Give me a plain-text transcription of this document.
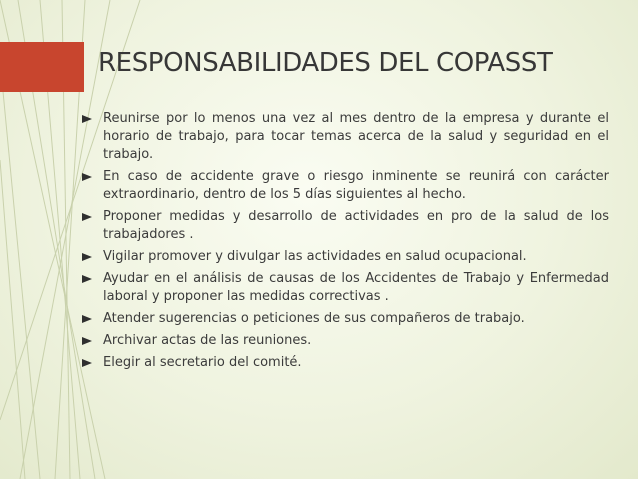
RESPONSABILIDADES DEL COPASST
Reunirse por lo menos una vez al mes dentro de la empresa y durante el horario de trabajo, para tocar temas acerca de la salud y seguridad en el trabajo.
En caso de accidente grave o riesgo inminente se reunirá con carácter extraordinario, dentro de los 5 días siguientes al hecho.
Proponer medidas y desarrollo de actividades en pro de la salud de los trabajadores .
Vigilar promover y divulgar las actividades en salud ocupacional.
Ayudar en el análisis de causas de los Accidentes de Trabajo y Enfermedad laboral y proponer las medidas correctivas .
Atender sugerencias o peticiones de sus compañeros de trabajo.
Archivar actas de las reuniones.
Elegir al secretario del comité.
